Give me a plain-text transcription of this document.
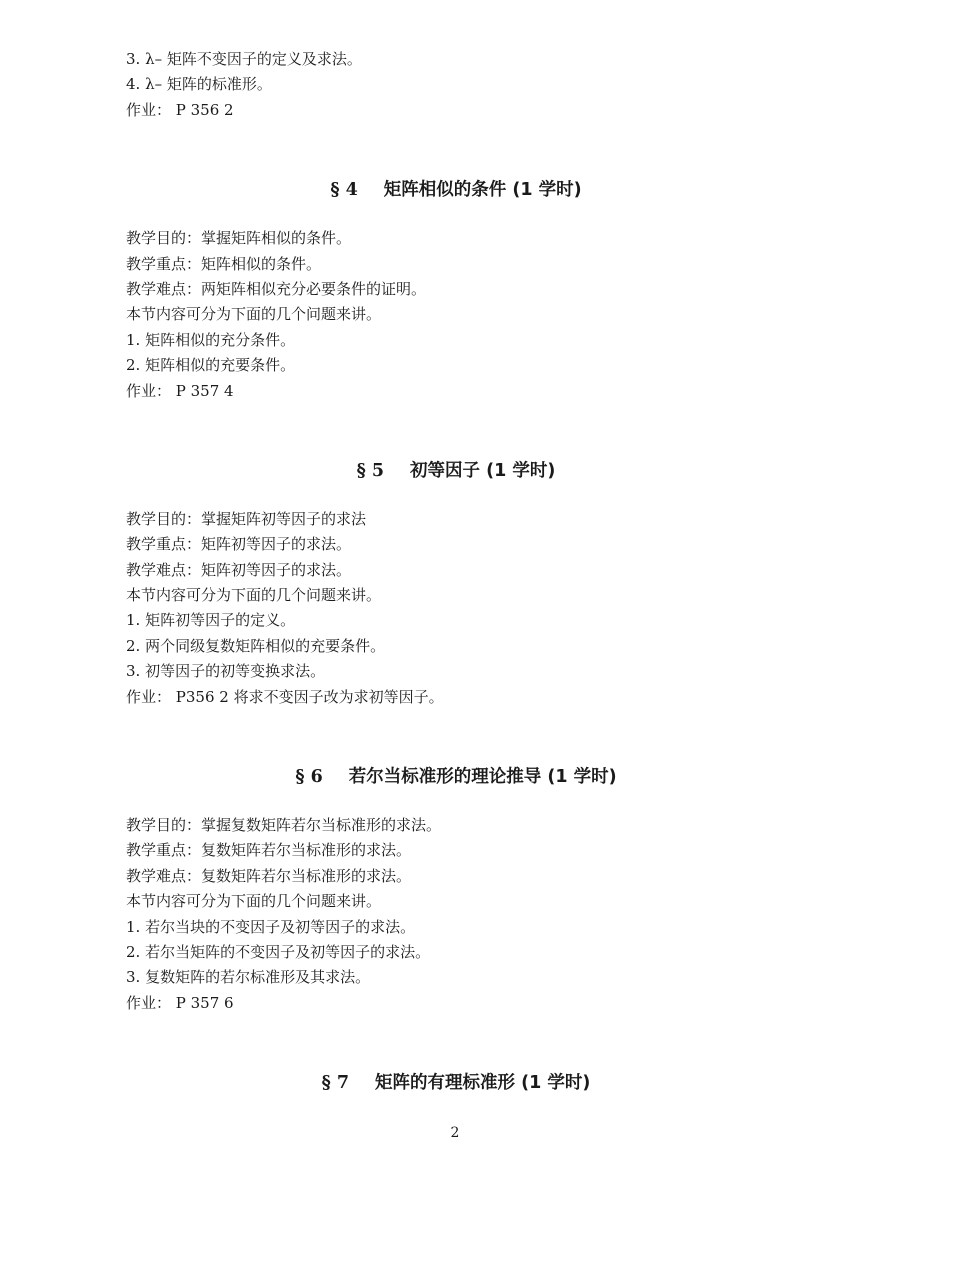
3. λ– 矩阵不变因子的定义及求法。
4. λ– 矩阵的标准形。
作业： P 356 2
§ 4 矩阵相似的条件 (1 学时)
教学目的：掌握矩阵相似的条件。
教学重点：矩阵相似的条件。
教学难点：两矩阵相似充分必要条件的证明。
本节内容可分为下面的几个问题来讲。
1. 矩阵相似的充分条件。
2. 矩阵相似的充要条件。
作业： P 357 4
§ 5 初等因子 (1 学时)
教学目的：掌握矩阵初等因子的求法
教学重点：矩阵初等因子的求法。
教学难点：矩阵初等因子的求法。
本节内容可分为下面的几个问题来讲。
1. 矩阵初等因子的定义。
2. 两个同级复数矩阵相似的充要条件。
3. 初等因子的初等变换求法。
作业： P356 2 将求不变因子改为求初等因子。
§ 6 若尔当标准形的理论推导 (1 学时)
教学目的：掌握复数矩阵若尔当标准形的求法。
教学重点：复数矩阵若尔当标准形的求法。
教学难点：复数矩阵若尔当标准形的求法。
本节内容可分为下面的几个问题来讲。
1. 若尔当块的不变因子及初等因子的求法。
2. 若尔当矩阵的不变因子及初等因子的求法。
3. 复数矩阵的若尔标准形及其求法。
作业： P 357 6
§ 7 矩阵的有理标准形 (1 学时)
2
